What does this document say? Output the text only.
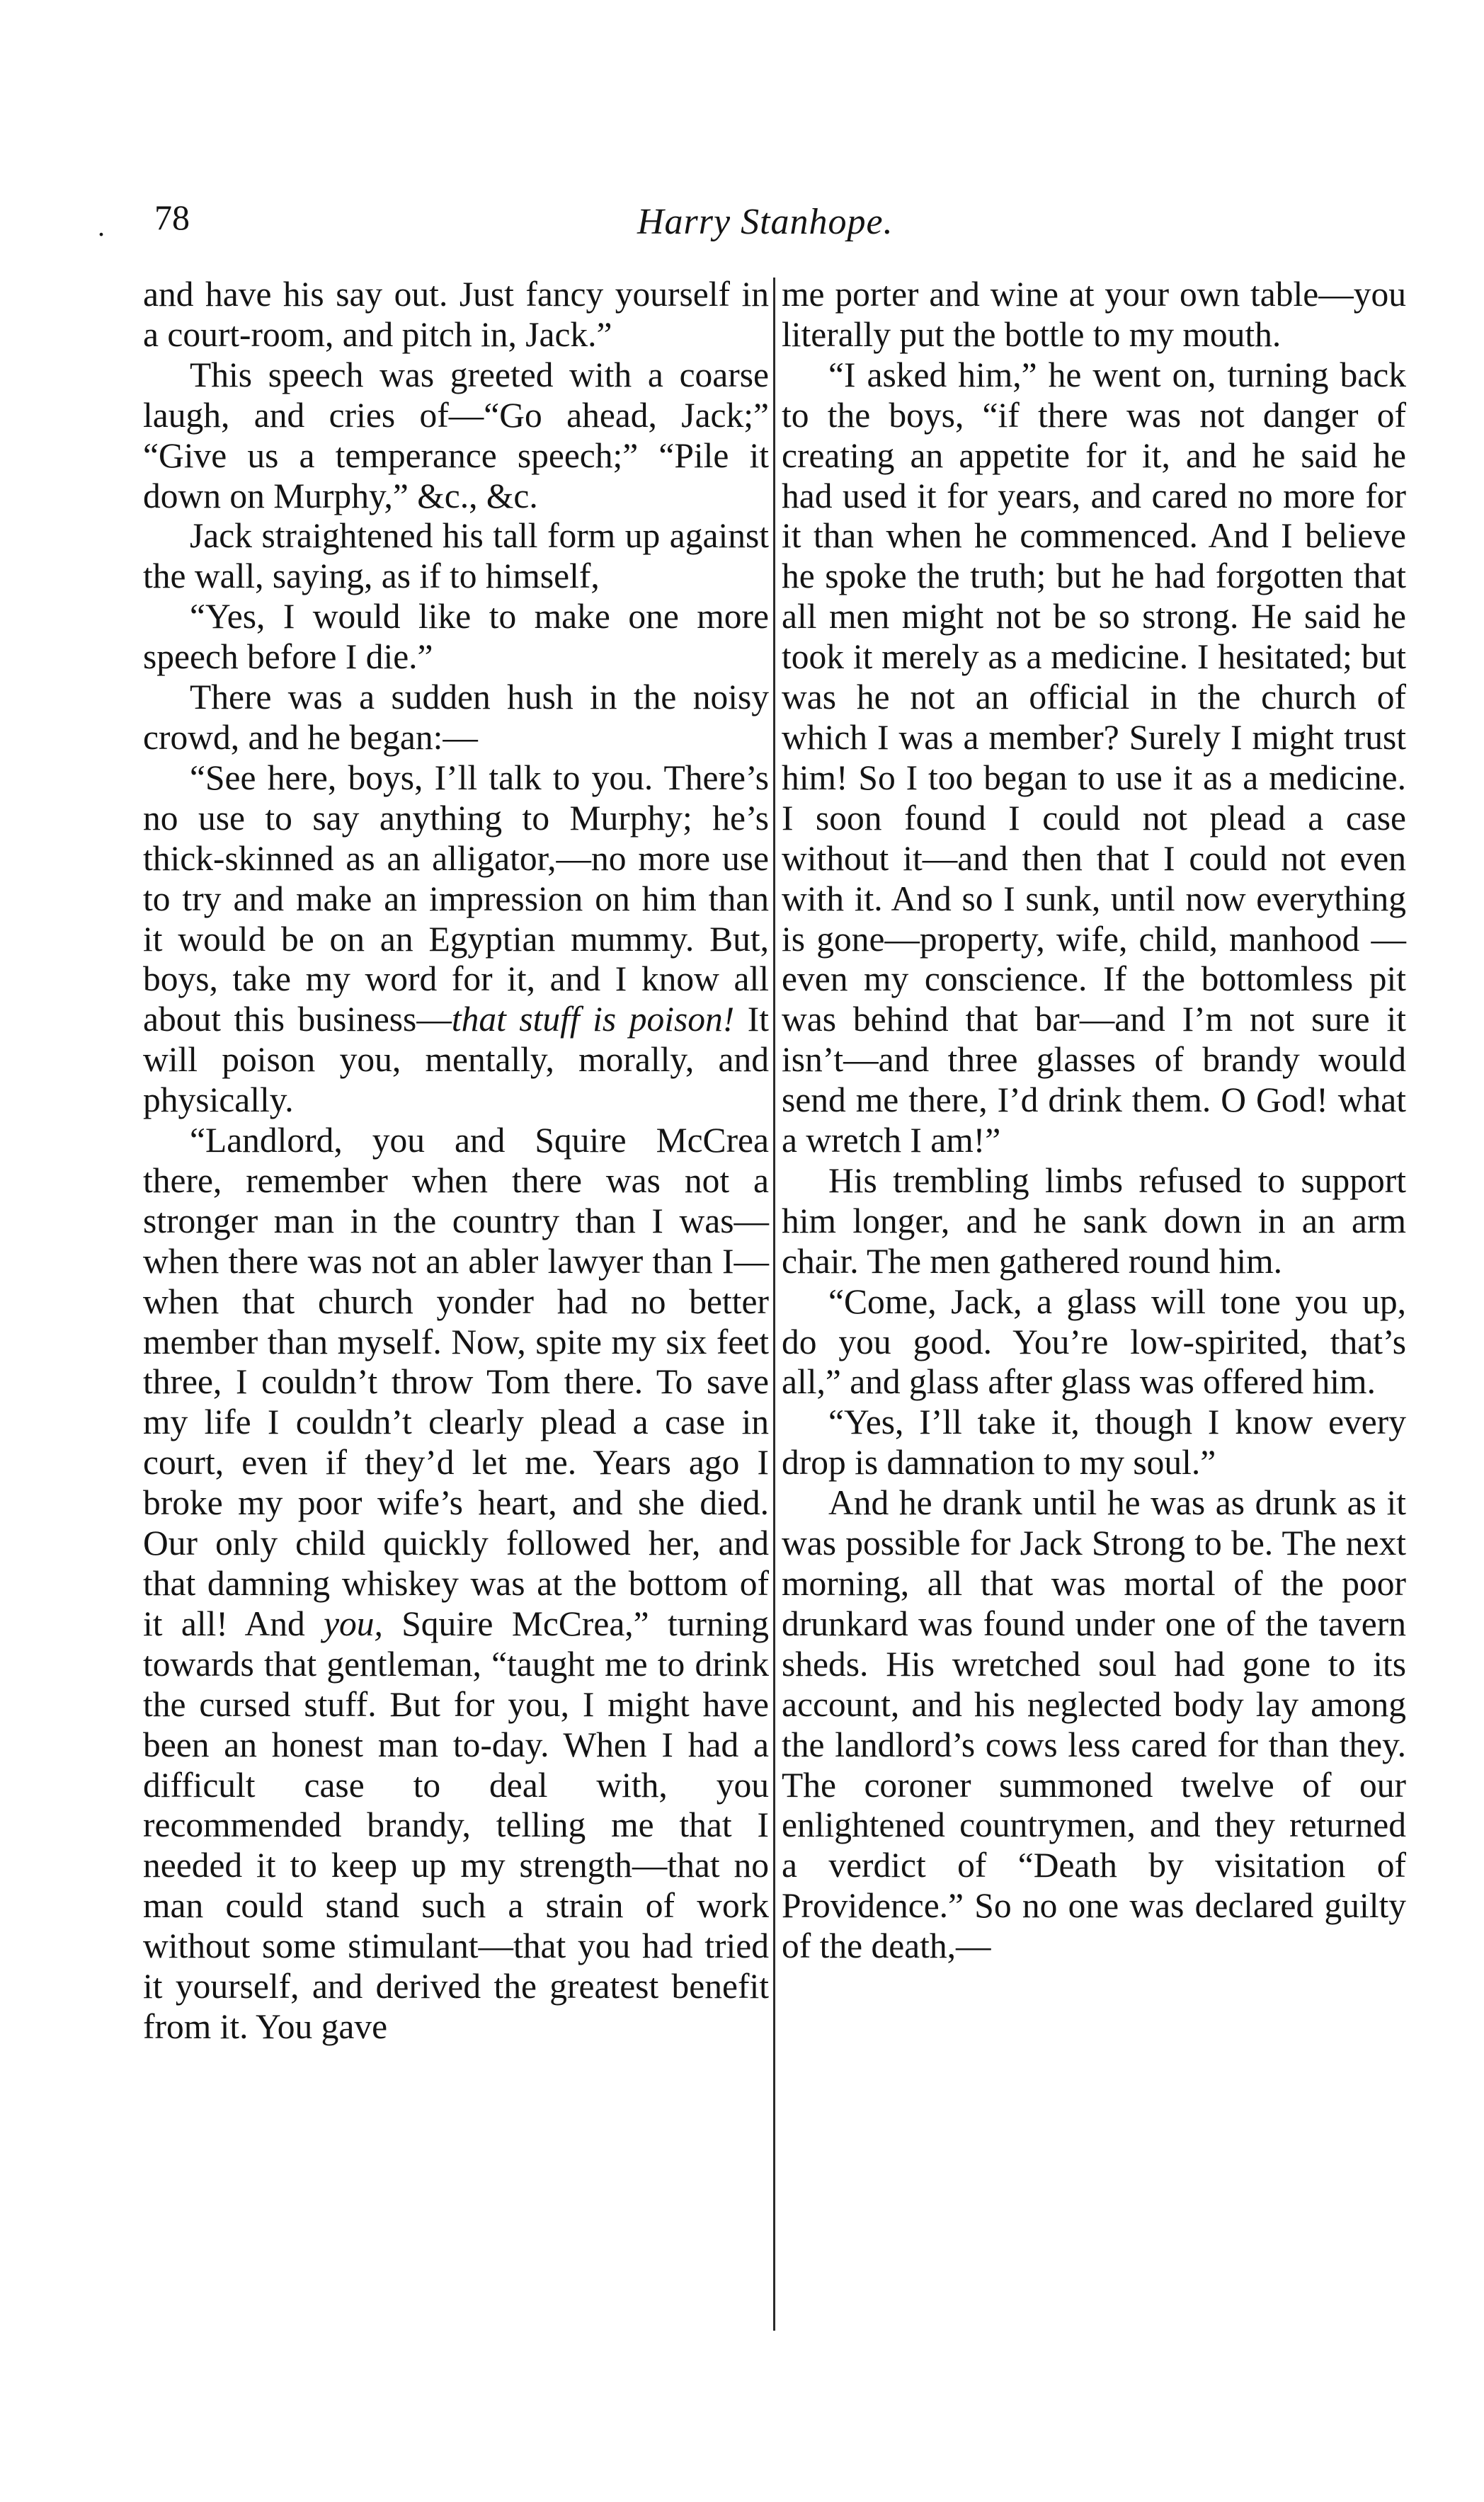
. 78	Harry Stanhope.

and have his say out. Just fancy yourself in a court-room, and pitch in, Jack.”

This speech was greeted with a coarse laugh, and cries of—“Go ahead, Jack;” “Give us a temperance speech;” “Pile it down on Murphy,” &c., &c.

Jack straightened his tall form up against the wall, saying, as if to himself,

“Yes, I would like to make one more speech before I die.”

There was a sudden hush in the noisy crowd, and he began:—

“See here, boys, I’ll talk to you. There’s no use to say anything to Murphy; he’s thick-skinned as an alligator,—no more use to try and make an impression on him than it would be on an Egyptian mummy. But, boys, take my word for it, and I know all about this business—that stuff is poison! It will poison you, mentally, morally, and physically.

“Landlord, you and Squire McCrea there, remember when there was not a stronger man in the country than I was—when there was not an abler lawyer than I—when that church yonder had no better member than myself. Now, spite my six feet three, I couldn’t throw Tom there. To save my life I couldn’t clearly plead a case in court, even if they’d let me. Years ago I broke my poor wife’s heart, and she died. Our only child quickly followed her, and that damning whiskey was at the bottom of it all! And you, Squire McCrea,” turning towards that gentleman, “taught me to drink the cursed stuff. But for you, I might have been an honest man to-day. When I had a difficult case to deal with, you recommended brandy, telling me that I needed it to keep up my strength—that no man could stand such a strain of work without some stimulant—that you had tried it yourself, and derived the greatest benefit from it. You gave

me porter and wine at your own table—you literally put the bottle to my mouth.

“I asked him,” he went on, turning back to the boys, “if there was not danger of creating an appetite for it, and he said he had used it for years, and cared no more for it than when he commenced. And I believe he spoke the truth; but he had forgotten that all men might not be so strong. He said he took it merely as a medicine. I hesitated; but was he not an official in the church of which I was a member? Surely I might trust him! So I too began to use it as a medicine. I soon found I could not plead a case without it—and then that I could not even with it. And so I sunk, until now everything is gone—property, wife, child, manhood —even my conscience. If the bottomless pit was behind that bar—and I’m not sure it isn’t—and three glasses of brandy would send me there, I’d drink them. O God! what a wretch I am!”

His trembling limbs refused to support him longer, and he sank down in an arm chair. The men gathered round him.

“Come, Jack, a glass will tone you up, do you good. You’re low-spirited, that’s all,” and glass after glass was offered him.

“Yes, I’ll take it, though I know every drop is damnation to my soul.”

And he drank until he was as drunk as it was possible for Jack Strong to be. The next morning, all that was mortal of the poor drunkard was found under one of the tavern sheds. His wretched soul had gone to its account, and his neglected body lay among the landlord’s cows less cared for than they. The coroner summoned twelve of our enlightened countrymen, and they returned a verdict of “Death by visitation of Providence.” So no one was declared guilty of the death,—
